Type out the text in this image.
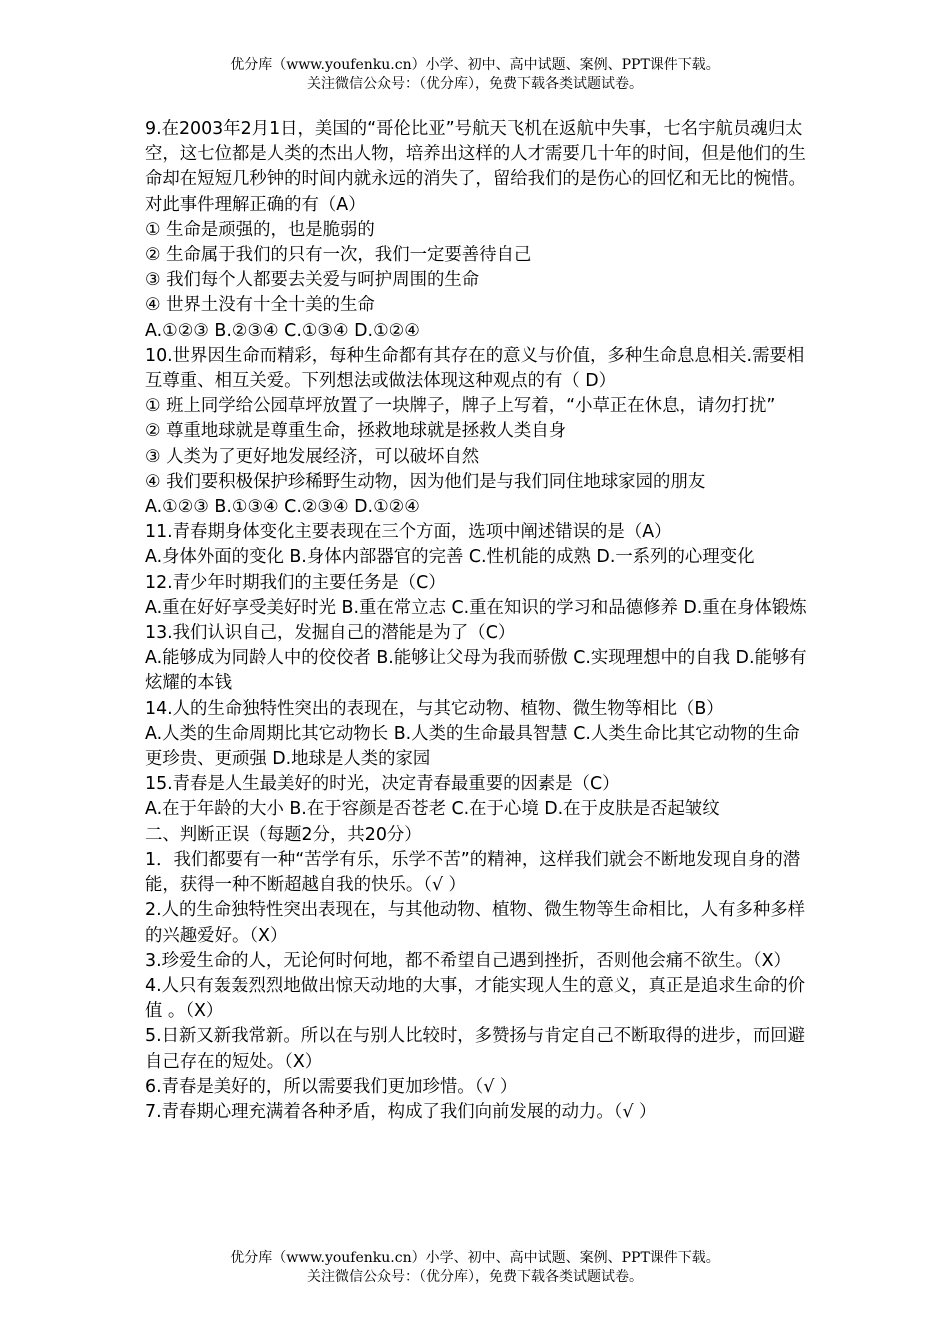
优分库（www.youfenku.cn）小学、初中、高中试题、案例、PPT课件下载。
关注微信公众号：（优分库），免费下载各类试题试卷。

9.在2003年2月1日，美国的“哥伦比亚”号航天飞机在返航中失事，七名宇航员魂归太空，这七位都是人类的杰出人物，培养出这样的人才需要几十年的时间，但是他们的生命却在短短几秒钟的时间内就永远的消失了，留给我们的是伤心的回忆和无比的惋惜。对此事件理解正确的有（A）

① 生命是顽强的，也是脆弱的

② 生命属于我们的只有一次，我们一定要善待自己

③ 我们每个人都要去关爱与呵护周围的生命

④ 世界土没有十全十美的生命

A.①②③ B.②③④ C.①③④ D.①②④

10.世界因生命而精彩，每种生命都有其存在的意义与价值，多种生命息息相关.需要相互尊重、相互关爱。下列想法或做法体现这种观点的有（ D）

① 班上同学给公园草坪放置了一块牌子，牌子上写着，“小草正在休息，请勿打扰”

② 尊重地球就是尊重生命，拯救地球就是拯救人类自身

③ 人类为了更好地发展经济，可以破坏自然

④ 我们要积极保护珍稀野生动物，因为他们是与我们同住地球家园的朋友

A.①②③ B.①③④ C.②③④ D.①②④

11.青春期身体变化主要表现在三个方面，选项中阐述错误的是（A）

A.身体外面的变化 B.身体内部器官的完善 C.性机能的成熟 D.一系列的心理变化

12.青少年时期我们的主要任务是（C）

A.重在好好享受美好时光 B.重在常立志 C.重在知识的学习和品德修养 D.重在身体锻炼

13.我们认识自己，发掘自己的潜能是为了（C）

A.能够成为同龄人中的佼佼者 B.能够让父母为我而骄傲 C.实现理想中的自我 D.能够有炫耀的本钱

14.人的生命独特性突出的表现在，与其它动物、植物、微生物等相比（B）

A.人类的生命周期比其它动物长 B.人类的生命最具智慧 C.人类生命比其它动物的生命更珍贵、更顽强 D.地球是人类的家园

15.青春是人生最美好的时光，决定青春最重要的因素是（C）

A.在于年龄的大小 B.在于容颜是否苍老 C.在于心境 D.在于皮肤是否起皱纹

二、判断正误（每题2分，共20分）

1．我们都要有一种“苦学有乐，乐学不苦”的精神，这样我们就会不断地发现自身的潜能，获得一种不断超越自我的快乐。（√ ）

2.人的生命独特性突出表现在，与其他动物、植物、微生物等生命相比，人有多种多样的兴趣爱好。（X）

3.珍爱生命的人，无论何时何地，都不希望自己遇到挫折，否则他会痛不欲生。（X）

4.人只有轰轰烈烈地做出惊天动地的大事，才能实现人生的意义，真正是追求生命的价值 。（X）

5.日新又新我常新。所以在与别人比较时，多赞扬与肯定自己不断取得的进步，而回避自己存在的短处。（X）

6.青春是美好的，所以需要我们更加珍惜。（√ ）

7.青春期心理充满着各种矛盾，构成了我们向前发展的动力。（√ ）

优分库（www.youfenku.cn）小学、初中、高中试题、案例、PPT课件下载。
关注微信公众号：（优分库），免费下载各类试题试卷。
